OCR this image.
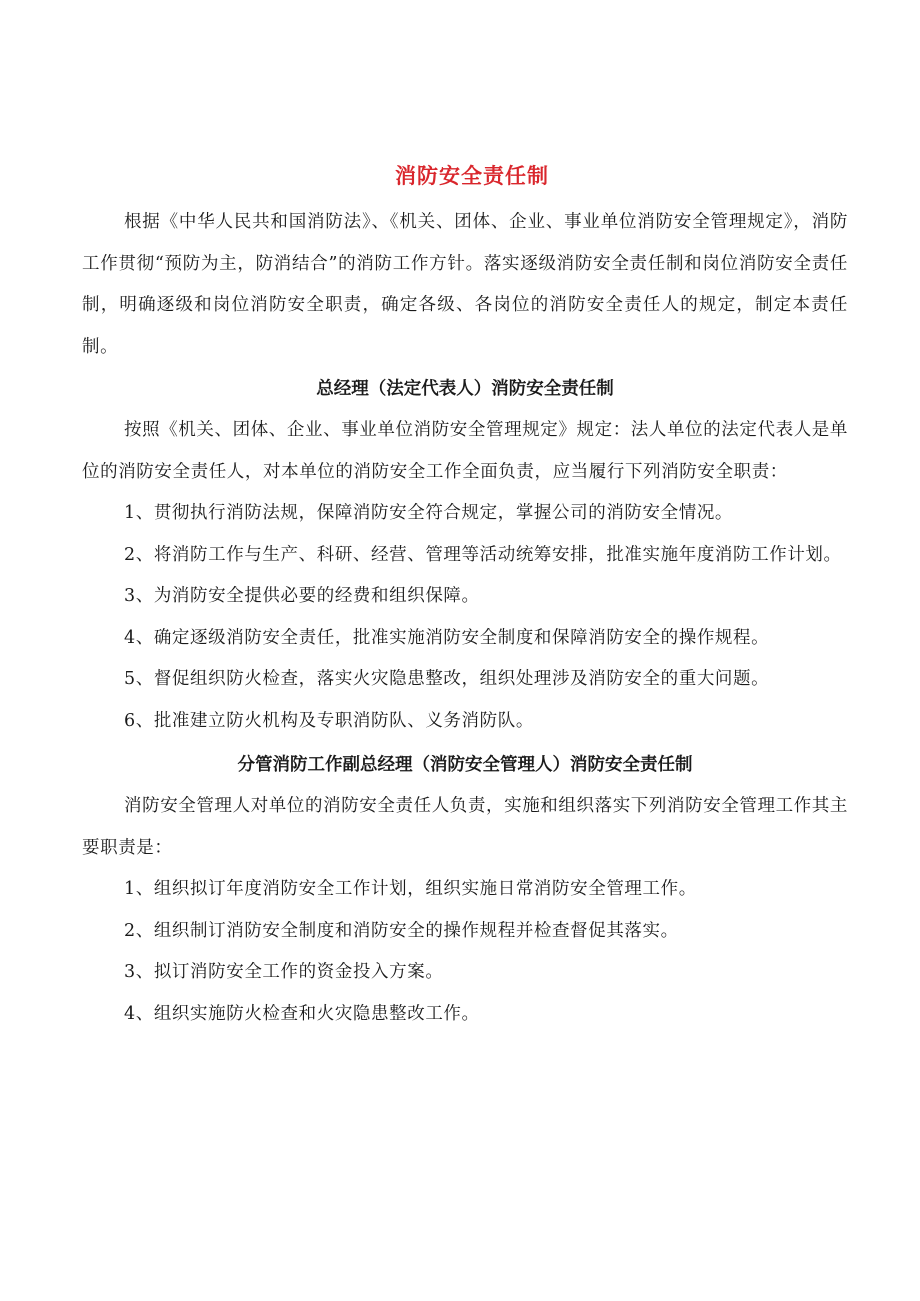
消防安全责任制

根据《中华人民共和国消防法》、《机关、团体、企业、事业单位消防安全管理规定》，消防工作贯彻“预防为主，防消结合”的消防工作方针。落实逐级消防安全责任制和岗位消防安全责任制，明确逐级和岗位消防安全职责，确定各级、各岗位的消防安全责任人的规定，制定本责任制。

总经理（法定代表人）消防安全责任制

按照《机关、团体、企业、事业单位消防安全管理规定》规定：法人单位的法定代表人是单位的消防安全责任人，对本单位的消防安全工作全面负责，应当履行下列消防安全职责：

1、贯彻执行消防法规，保障消防安全符合规定，掌握公司的消防安全情况。

2、将消防工作与生产、科研、经营、管理等活动统筹安排，批准实施年度消防工作计划。

3、为消防安全提供必要的经费和组织保障。

4、确定逐级消防安全责任，批准实施消防安全制度和保障消防安全的操作规程。

5、督促组织防火检查，落实火灾隐患整改，组织处理涉及消防安全的重大问题。

6、批准建立防火机构及专职消防队、义务消防队。

分管消防工作副总经理（消防安全管理人）消防安全责任制

消防安全管理人对单位的消防安全责任人负责，实施和组织落实下列消防安全管理工作其主要职责是：

1、组织拟订年度消防安全工作计划，组织实施日常消防安全管理工作。

2、组织制订消防安全制度和消防安全的操作规程并检查督促其落实。

3、拟订消防安全工作的资金投入方案。

4、组织实施防火检查和火灾隐患整改工作。
